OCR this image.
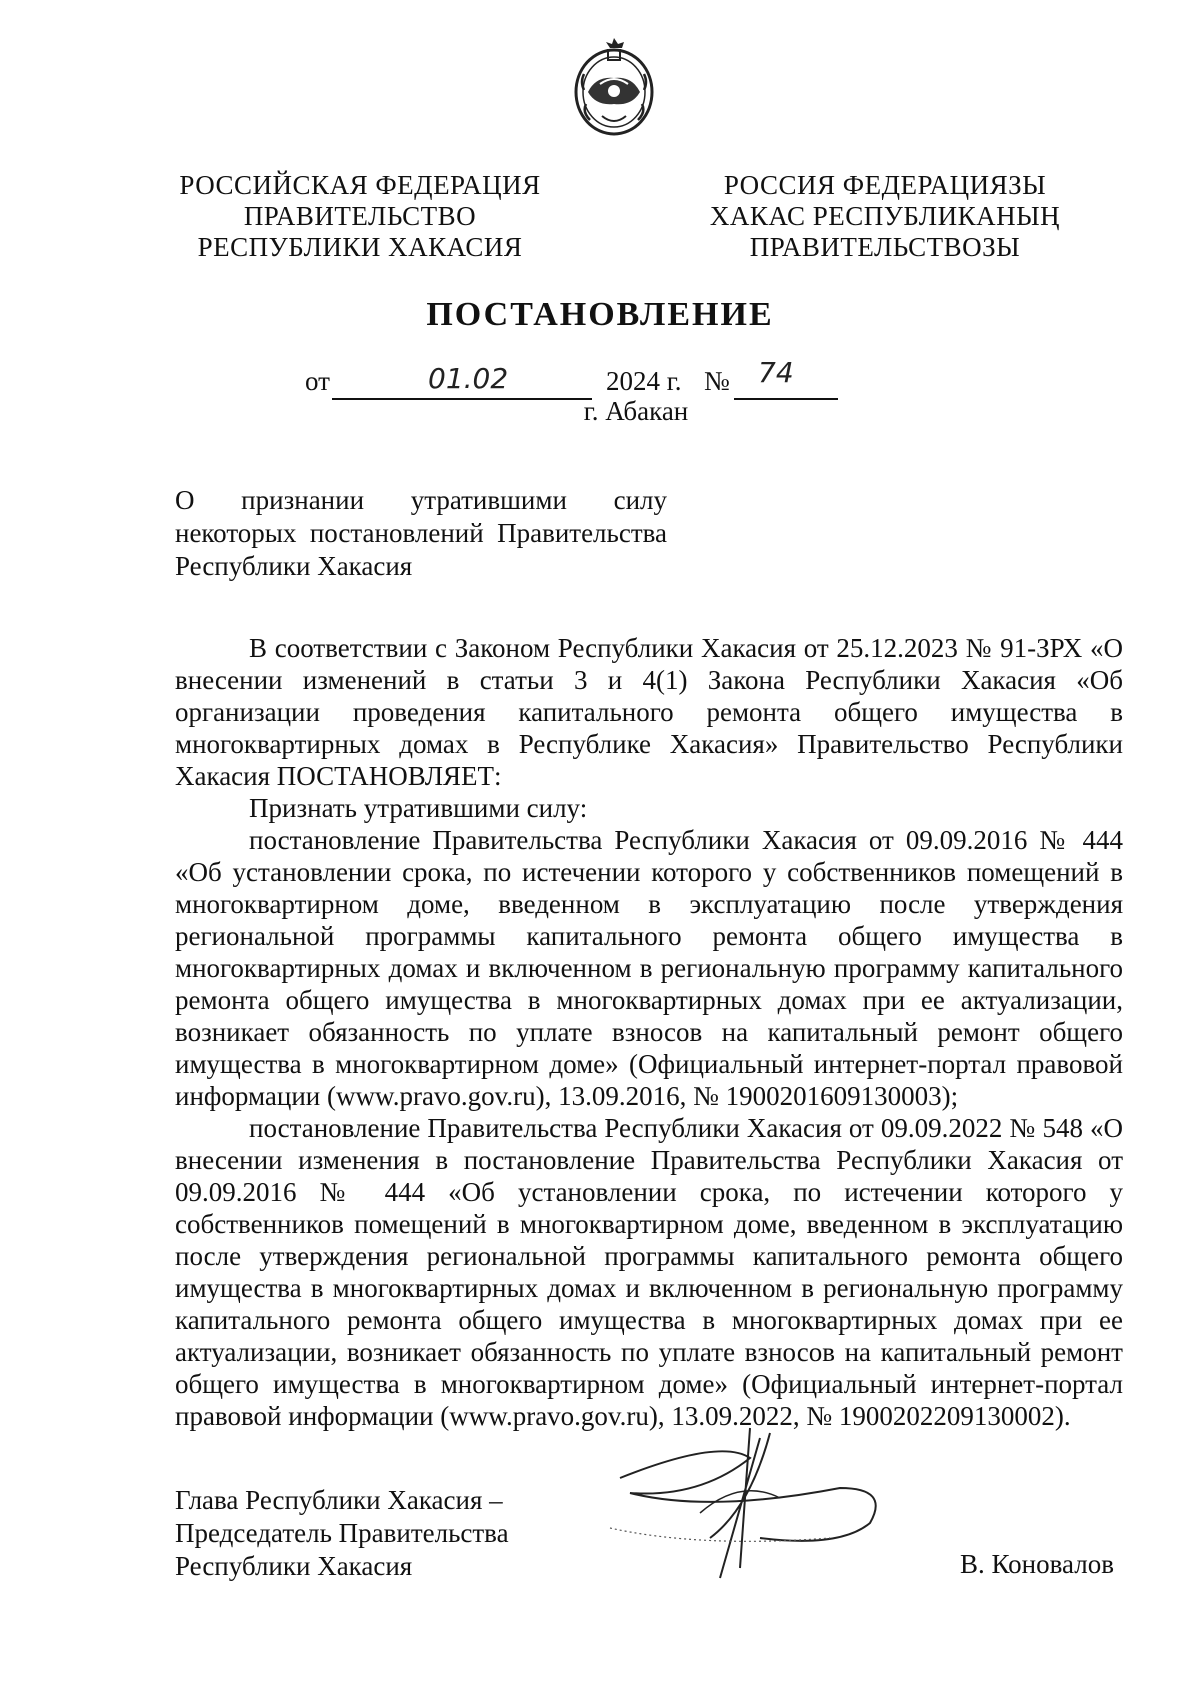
РОССИЙСКАЯ ФЕДЕРАЦИЯ
ПРАВИТЕЛЬСТВО
РЕСПУБЛИКИ ХАКАСИЯ
РОССИЯ ФЕДЕРАЦИЯЗЫ
ХАКАС РЕСПУБЛИКАНЫҢ
ПРАВИТЕЛЬСТВОЗЫ
ПОСТАНОВЛЕНИЕ
от	01.02	2024 г. № 74
г. Абакан
О признании утратившими силу
некоторых постановлений Правительства
Республики Хакасия

В соответствии с Законом Республики Хакасия от 25.12.2023 № 91-ЗРХ «О внесении изменений в статьи 3 и 4(1) Закона Республики Хакасия «Об организации проведения капитального ремонта общего имущества в многоквартирных домах в Республике Хакасия» Правительство Республики Хакасия ПОСТАНОВЛЯЕТ:

Признать утратившими силу:

постановление Правительства Республики Хакасия от 09.09.2016 № 444 «Об установлении срока, по истечении которого у собственников помещений в многоквартирном доме, введенном в эксплуатацию после утверждения региональной программы капитального ремонта общего имущества в многоквартирных домах и включенном в региональную программу капитального ремонта общего имущества в многоквартирных домах при ее актуализации, возникает обязанность по уплате взносов на капитальный ремонт общего имущества в многоквартирном доме» (Официальный интернет-портал правовой информации (www.pravo.gov.ru), 13.09.2016, № 1900201609130003);

постановление Правительства Республики Хакасия от 09.09.2022 № 548 «О внесении изменения в постановление Правительства Республики Хакасия от 09.09.2016 № 444 «Об установлении срока, по истечении которого у собственников помещений в многоквартирном доме, введенном в эксплуатацию после утверждения региональной программы капитального ремонта общего имущества в многоквартирных домах и включенном в региональную программу капитального ремонта общего имущества в многоквартирных домах при ее актуализации, возникает обязанность по уплате взносов на капитальный ремонт общего имущества в многоквартирном доме» (Официальный интернет-портал правовой информации (www.pravo.gov.ru), 13.09.2022, № 1900202209130002).

Глава Республики Хакасия –
Председатель Правительства
Республики Хакасия	В. Коновалов
